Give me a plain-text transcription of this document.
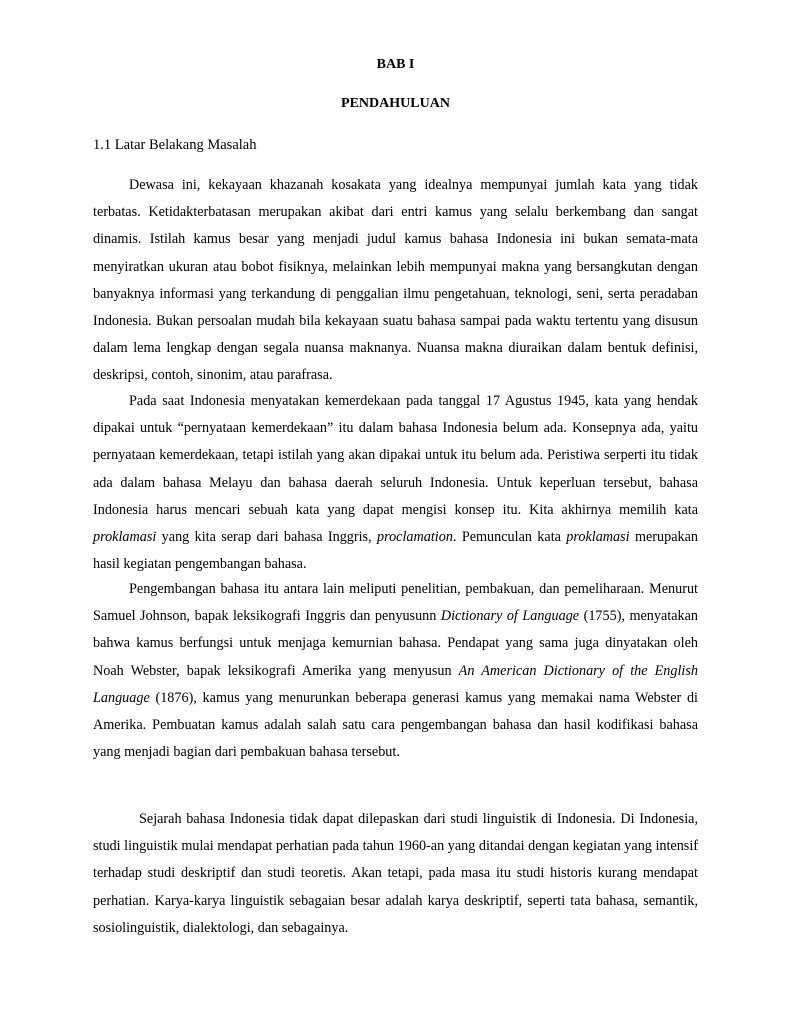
BAB I
PENDAHULUAN
1.1 Latar Belakang Masalah

Dewasa ini, kekayaan khazanah kosakata yang idealnya mempunyai jumlah kata yang tidak terbatas. Ketidakterbatasan merupakan akibat dari entri kamus yang selalu berkembang dan sangat dinamis. Istilah kamus besar yang menjadi judul kamus bahasa Indonesia ini bukan semata-mata menyiratkan ukuran atau bobot fisiknya, melainkan lebih mempunyai makna yang bersangkutan dengan banyaknya informasi yang terkandung di penggalian ilmu pengetahuan, teknologi, seni, serta peradaban Indonesia. Bukan persoalan mudah bila kekayaan suatu bahasa sampai pada waktu tertentu yang disusun dalam lema lengkap dengan segala nuansa maknanya. Nuansa makna diuraikan dalam bentuk definisi, deskripsi, contoh, sinonim, atau parafrasa.

Pada saat Indonesia menyatakan kemerdekaan pada tanggal 17 Agustus 1945, kata yang hendak dipakai untuk “pernyataan kemerdekaan” itu dalam bahasa Indonesia belum ada. Konsepnya ada, yaitu pernyataan kemerdekaan, tetapi istilah yang akan dipakai untuk itu belum ada. Peristiwa serperti itu tidak ada dalam bahasa Melayu dan bahasa daerah seluruh Indonesia. Untuk keperluan tersebut, bahasa Indonesia harus mencari sebuah kata yang dapat mengisi konsep itu. Kita akhirnya memilih kata proklamasi yang kita serap dari bahasa Inggris, proclamation. Pemunculan kata proklamasi merupakan hasil kegiatan pengembangan bahasa.

Pengembangan bahasa itu antara lain meliputi penelitian, pembakuan, dan pemeliharaan. Menurut Samuel Johnson, bapak leksikografi Inggris dan penyusunn Dictionary of Language (1755), menyatakan bahwa kamus berfungsi untuk menjaga kemurnian bahasa. Pendapat yang sama juga dinyatakan oleh Noah Webster, bapak leksikografi Amerika yang menyusun An American Dictionary of the English Language (1876), kamus yang menurunkan beberapa generasi kamus yang memakai nama Webster di Amerika. Pembuatan kamus adalah salah satu cara pengembangan bahasa dan hasil kodifikasi bahasa yang menjadi bagian dari pembakuan bahasa tersebut.

Sejarah bahasa Indonesia tidak dapat dilepaskan dari studi linguistik di Indonesia. Di Indonesia, studi linguistik mulai mendapat perhatian pada tahun 1960-an yang ditandai dengan kegiatan yang intensif terhadap studi deskriptif dan studi teoretis. Akan tetapi, pada masa itu studi historis kurang mendapat perhatian. Karya-karya linguistik sebagaian besar adalah karya deskriptif, seperti tata bahasa, semantik, sosiolinguistik, dialektologi, dan sebagainya.
